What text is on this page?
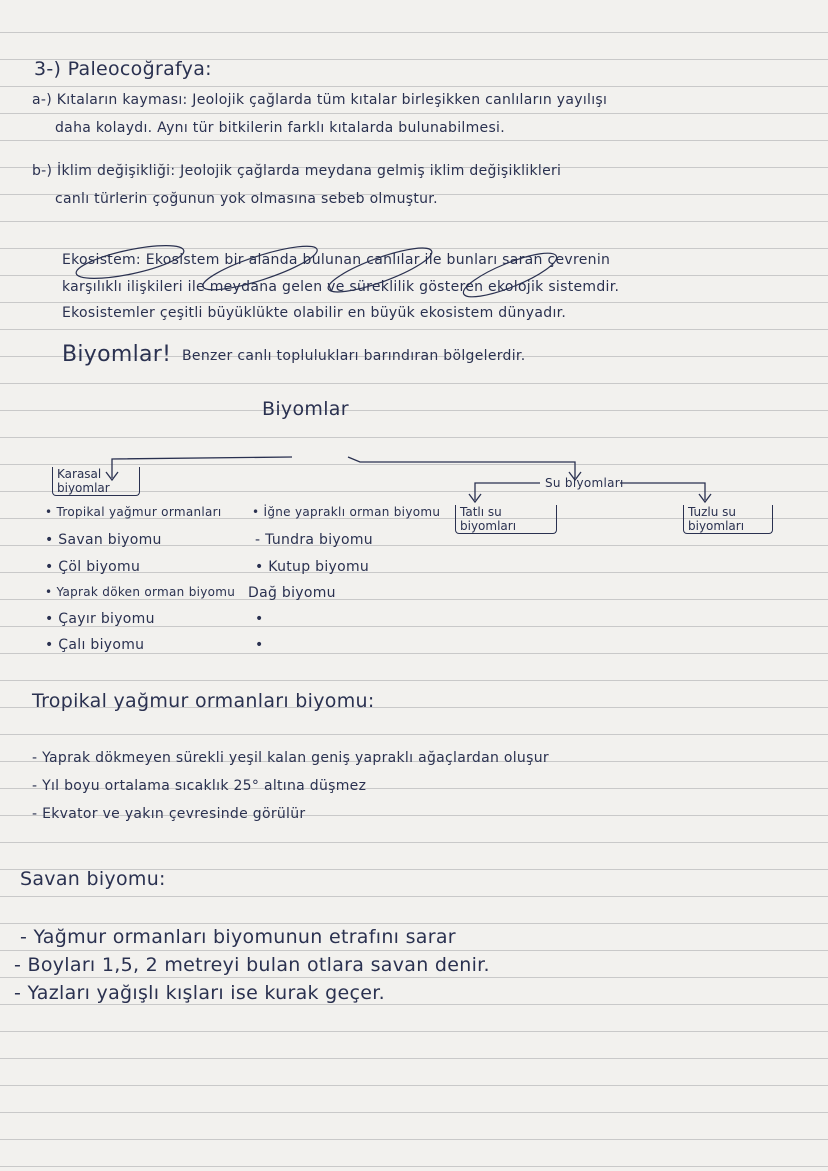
3-) Paleocoğrafya:
a-) Kıtaların kayması: Jeolojik çağlarda tüm kıtalar birleşikken canlıların yayılışı
daha kolaydı. Aynı tür bitkilerin farklı kıtalarda bulunabilmesi.
b-) İklim değişikliği: Jeolojik çağlarda meydana gelmiş iklim değişiklikleri
canlı türlerin çoğunun yok olmasına sebeb olmuştur.
Ekosistem: Ekosistem bir alanda bulunan canlılar ile bunları saran çevrenin
karşılıklı ilişkileri ile meydana gelen ve süreklilik gösteren ekolojik sistemdir.
Ekosistemler çeşitli büyüklükte olabilir en büyük ekosistem dünyadır.
Biyomlar! Benzer canlı toplulukları barındıran bölgelerdir.
Biyomlar
Karasal biyomlar	Su biyomları
Tatlı su biyomları
Tuzlu su biyomları
• Tropikal yağmur ormanları
• Savan biyomu
• Çöl biyomu
• Yaprak döken orman biyomu
• Çayır biyomu
• Çalı biyomu
• İğne yapraklı orman biyomu
- Tundra biyomu
• Kutup biyomu
Dağ biyomu
•
•
Tropikal yağmur ormanları biyomu:
- Yaprak dökmeyen sürekli yeşil kalan geniş yapraklı ağaçlardan oluşur
- Yıl boyu ortalama sıcaklık 25° altına düşmez
- Ekvator ve yakın çevresinde görülür
Savan biyomu:
- Yağmur ormanları biyomunun etrafını sarar
- Boyları 1,5, 2 metreyi bulan otlara savan denir.
- Yazları yağışlı kışları ise kurak geçer.
